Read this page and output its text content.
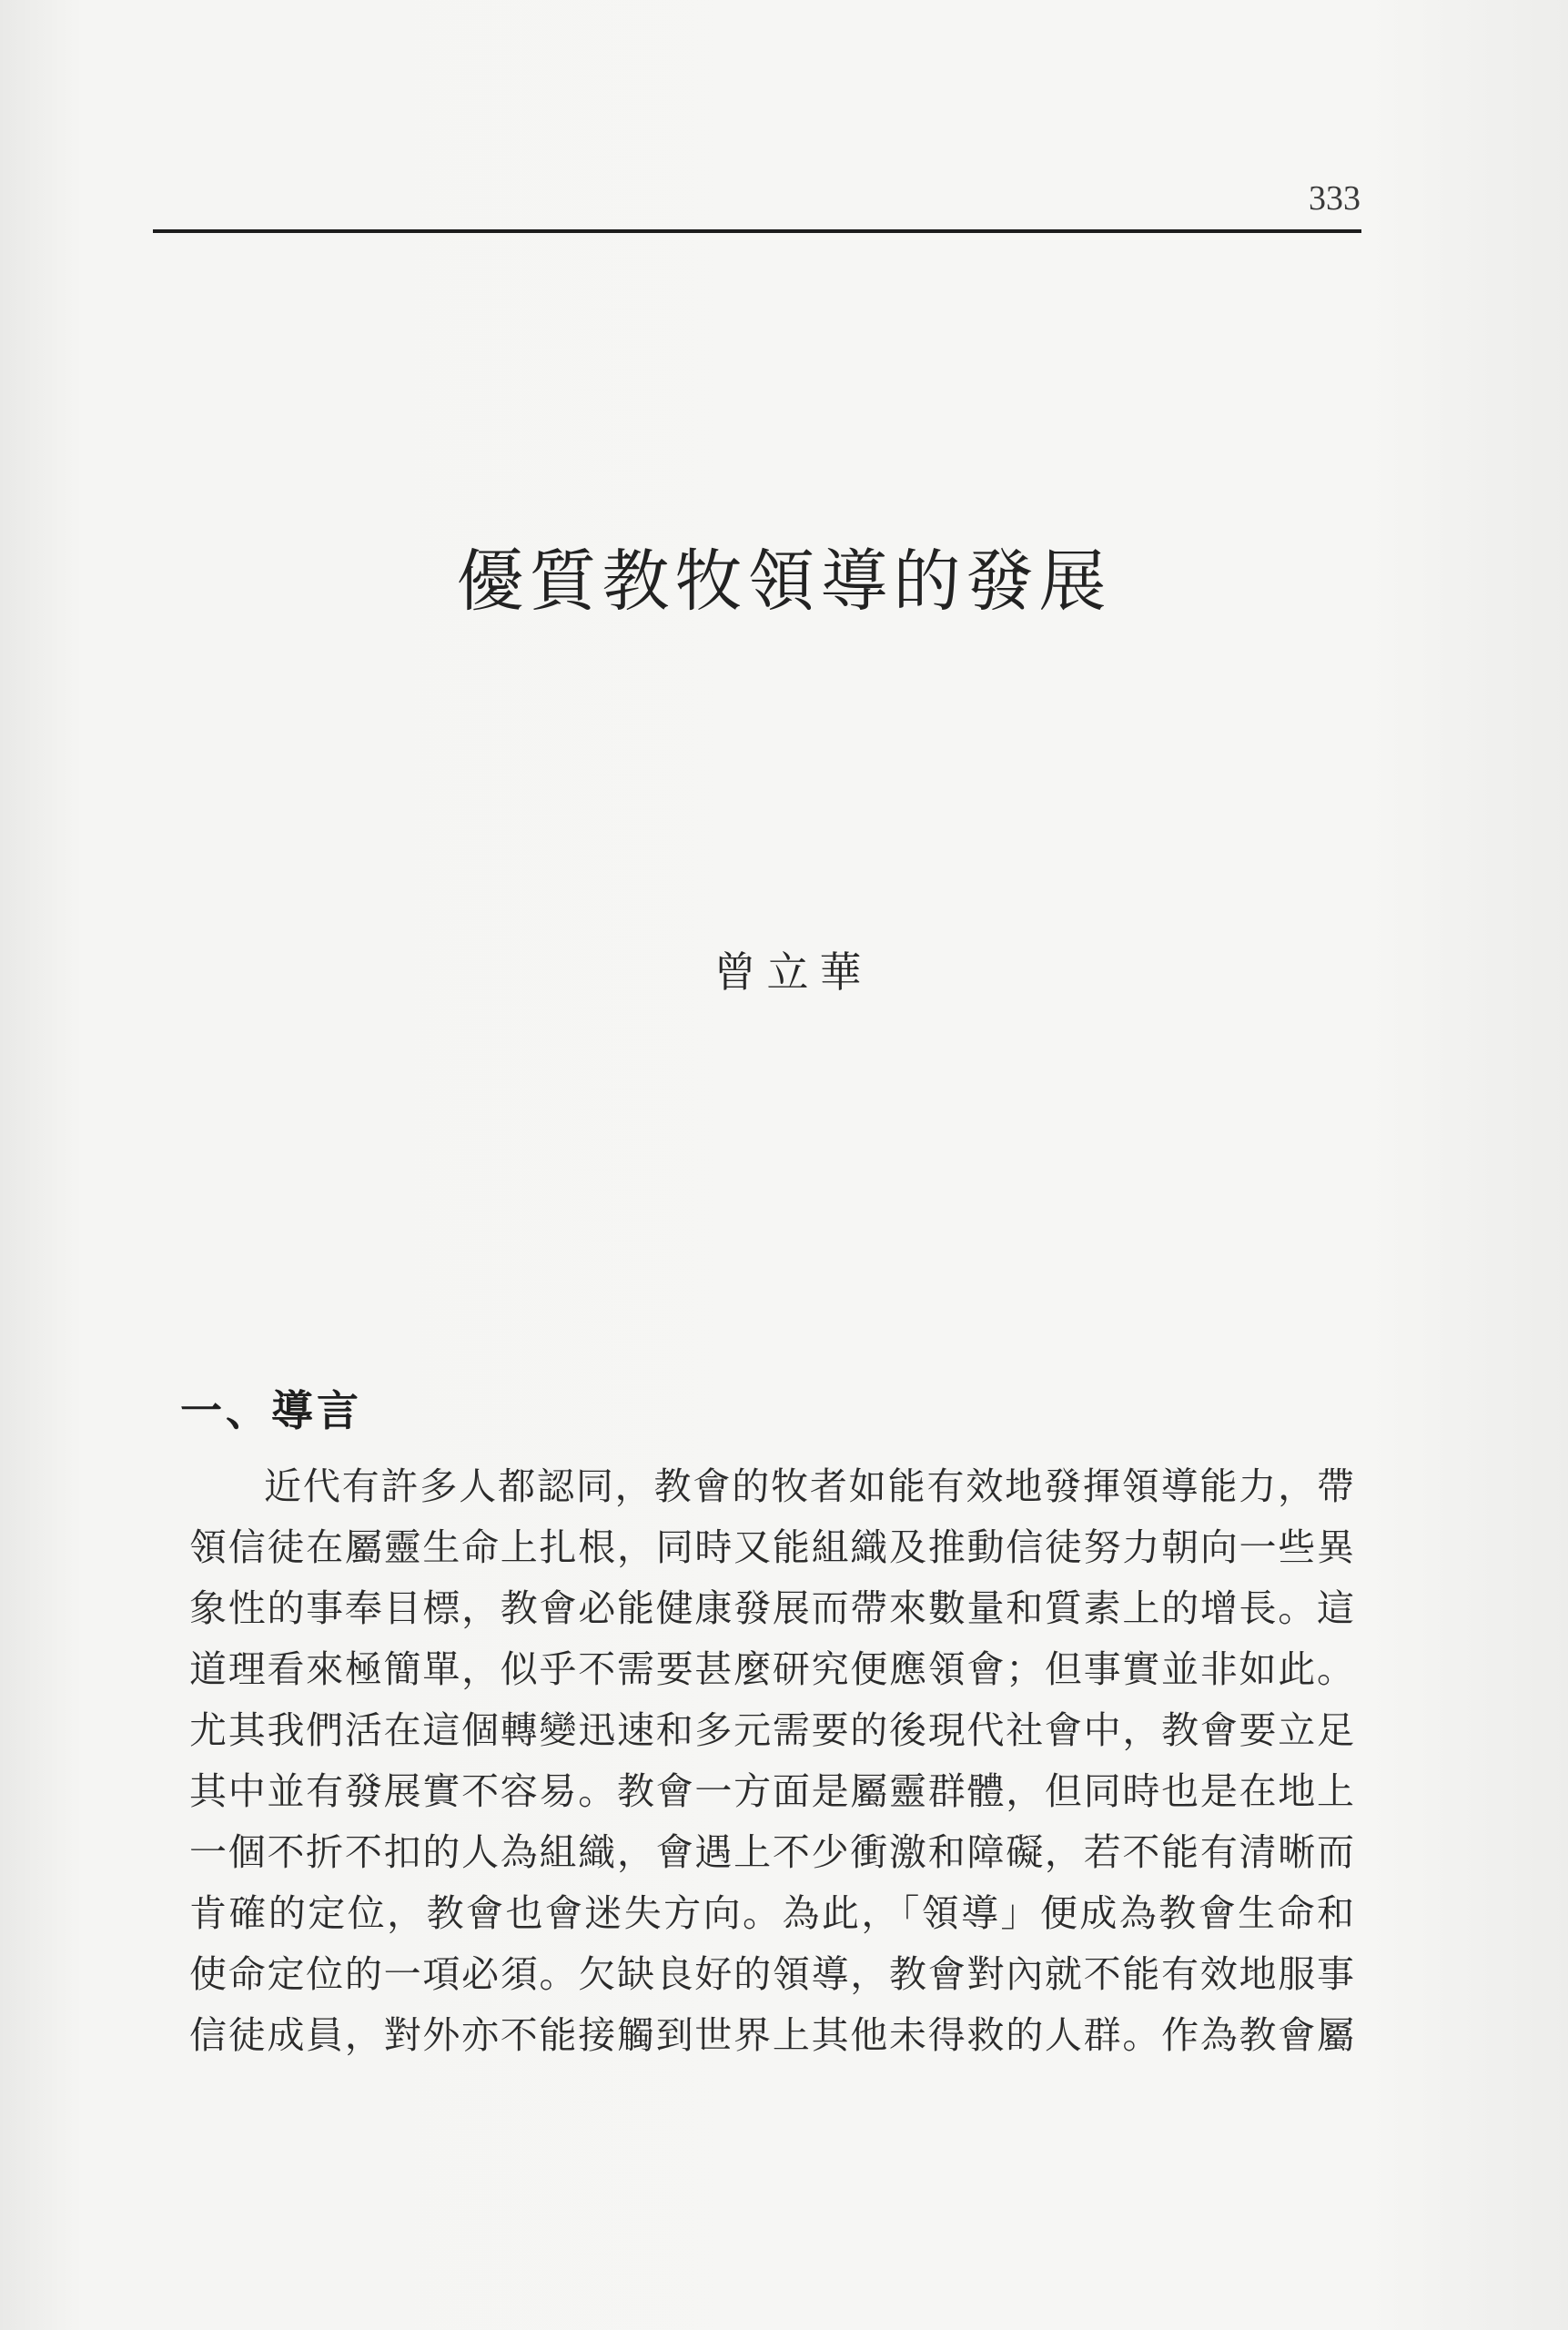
333
優質教牧領導的發展
曾立華
一、導言
近代有許多人都認同，教會的牧者如能有效地發揮領導能力，帶
領信徒在屬靈生命上扎根，同時又能組織及推動信徒努力朝向一些異
象性的事奉目標，教會必能健康發展而帶來數量和質素上的增長。這
道理看來極簡單，似乎不需要甚麼研究便應領會；但事實並非如此。
尤其我們活在這個轉變迅速和多元需要的後現代社會中，教會要立足
其中並有發展實不容易。教會一方面是屬靈群體，但同時也是在地上
一個不折不扣的人為組織，會遇上不少衝激和障礙，若不能有清晰而
肯確的定位，教會也會迷失方向。為此，「領導」便成為教會生命和
使命定位的一項必須。欠缺良好的領導，教會對內就不能有效地服事
信徒成員，對外亦不能接觸到世界上其他未得救的人群。作為教會屬
